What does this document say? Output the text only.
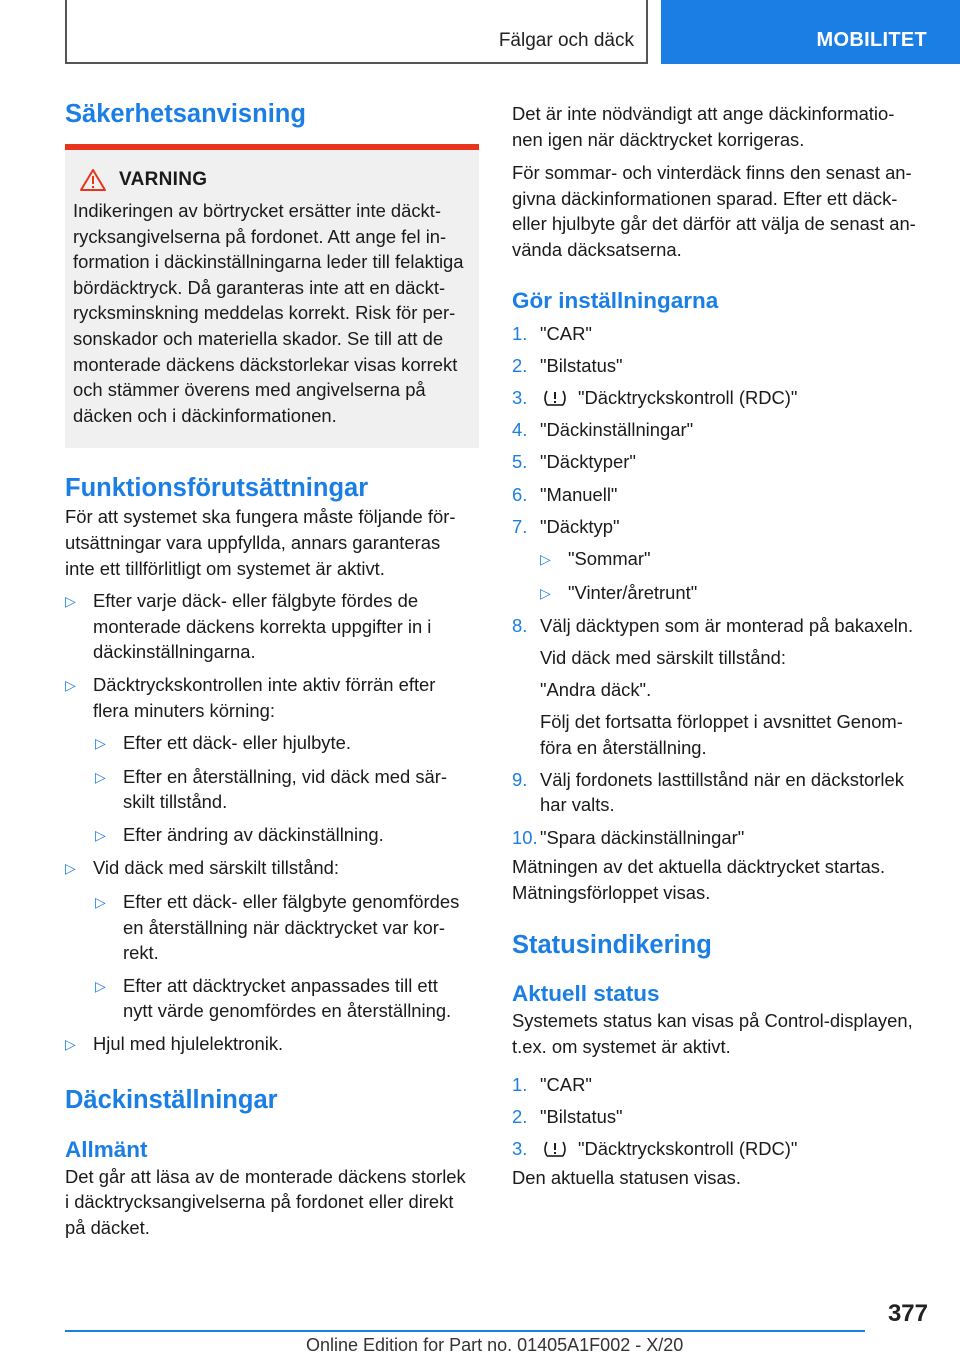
Fälgar och däck	MOBILITET
Säkerhetsanvisning
VARNING

Indikeringen av börtrycket ersätter inte däckt‐

rycksangivelserna på fordonet. Att ange fel in‐

formation i däckinställningarna leder till felaktiga

bördäcktryck. Då garanteras inte att en däckt‐

rycksminskning meddelas korrekt. Risk för per‐

sonskador och materiella skador. Se till att de

monterade däckens däckstorlekar visas korrekt

och stämmer överens med angivelserna på

däcken och i däckinformationen.

Funktionsförutsättningar

För att systemet ska fungera måste följande för‐

utsättningar vara uppfyllda, annars garanteras

inte ett tillförlitligt om systemet är aktivt.

▷ Efter varje däck- eller fälgbyte fördes de
monterade däckens korrekta uppgifter in i
däckinställningarna.
▷ Däcktryckskontrollen inte aktiv förrän efter
flera minuters körning:
▷ Efter ett däck- eller hjulbyte.
▷ Efter en återställning, vid däck med sär‐
skilt tillstånd.
▷ Efter ändring av däckinställning.
▷ Vid däck med särskilt tillstånd:
▷ Efter ett däck- eller fälgbyte genomfördes
en återställning när däcktrycket var kor‐
rekt.
▷ Efter att däcktrycket anpassades till ett
nytt värde genomfördes en återställning.
▷ Hjul med hjulelektronik.
Däckinställningar
Allmänt

Det går att läsa av de monterade däckens storlek

i däcktrycksangivelserna på fordonet eller direkt

på däcket.

Det är inte nödvändigt att ange däckinformatio‐

nen igen när däcktrycket korrigeras.

För sommar- och vinterdäck finns den senast an‐

givna däckinformationen sparad. Efter ett däck-

eller hjulbyte går det därför att välja de senast an‐

vända däcksatserna.

Gör inställningarna
1. "CAR"
2. "Bilstatus"
3.	"Däcktryckskontroll (RDC)"
4. "Däckinställningar"
5. "Däcktyper"
6. "Manuell"
7. "Däcktyp"
▷ "Sommar"
▷ "Vinter/åretrunt"
8. Välj däcktypen som är monterad på bakaxeln.
Vid däck med särskilt tillstånd:
"Andra däck".
Följ det fortsatta förloppet i avsnittet Genom‐
föra en återställning.
9. Välj fordonets lasttillstånd när en däckstorlek
har valts.
10. "Spara däckinställningar"

Mätningen av det aktuella däcktrycket startas.

Mätningsförloppet visas.

Statusindikering
Aktuell status

Systemets status kan visas på Control-displayen,

t.ex. om systemet är aktivt.

1. "CAR"
2. "Bilstatus"
3.	"Däcktryckskontroll (RDC)"

Den aktuella statusen visas.

377
Online Edition for Part no. 01405A1F002 - X/20
